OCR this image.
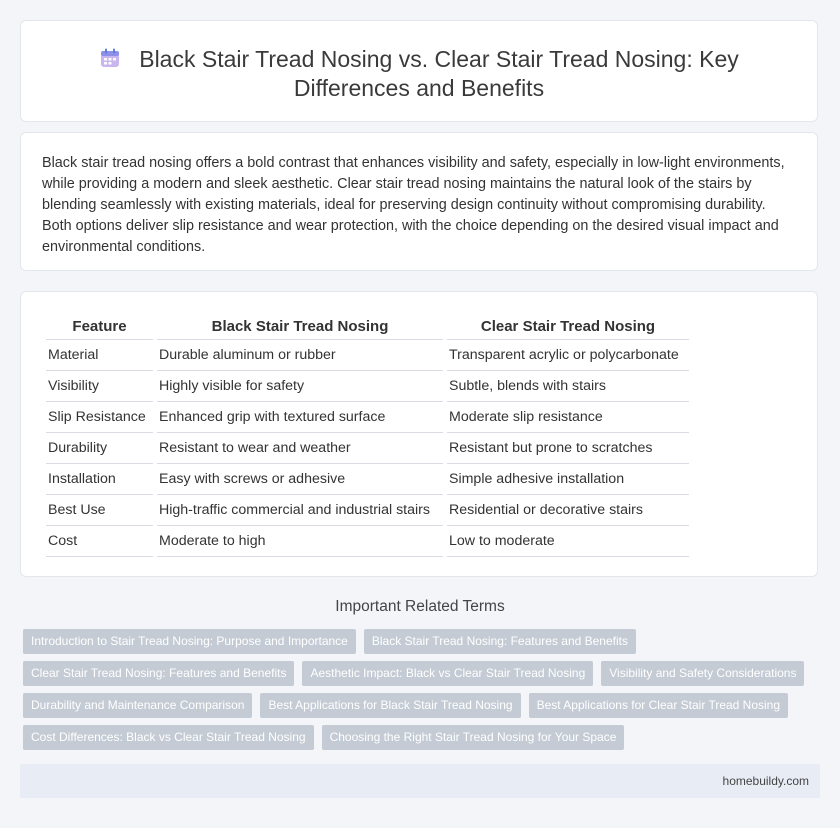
Black Stair Tread Nosing vs. Clear Stair Tread Nosing: Key
Differences and Benefits

Black stair tread nosing offers a bold contrast that enhances visibility and safety, especially in low-light environments, while providing a modern and sleek aesthetic. Clear stair tread nosing maintains the natural look of the stairs by blending seamlessly with existing materials, ideal for preserving design continuity without compromising durability. Both options deliver slip resistance and wear protection, with the choice depending on the desired visual impact and environmental conditions.

Feature	Black Stair Tread Nosing	Clear Stair Tread Nosing
Material	Durable aluminum or rubber	Transparent acrylic or polycarbonate
Visibility	Highly visible for safety	Subtle, blends with stairs
Slip Resistance	Enhanced grip with textured surface	Moderate slip resistance
Durability	Resistant to wear and weather	Resistant but prone to scratches
Installation	Easy with screws or adhesive	Simple adhesive installation
Best Use	High-traffic commercial and industrial stairs	Residential or decorative stairs
Cost	Moderate to high	Low to moderate
Important Related Terms
Introduction to Stair Tread Nosing: Purpose and Importance Black Stair Tread Nosing: Features and Benefits
Clear Stair Tread Nosing: Features and Benefits Aesthetic Impact: Black vs Clear Stair Tread Nosing Visibility and Safety Considerations
Durability and Maintenance Comparison Best Applications for Black Stair Tread Nosing Best Applications for Clear Stair Tread Nosing
Cost Differences: Black vs Clear Stair Tread Nosing Choosing the Right Stair Tread Nosing for Your Space
homebuildy.com
